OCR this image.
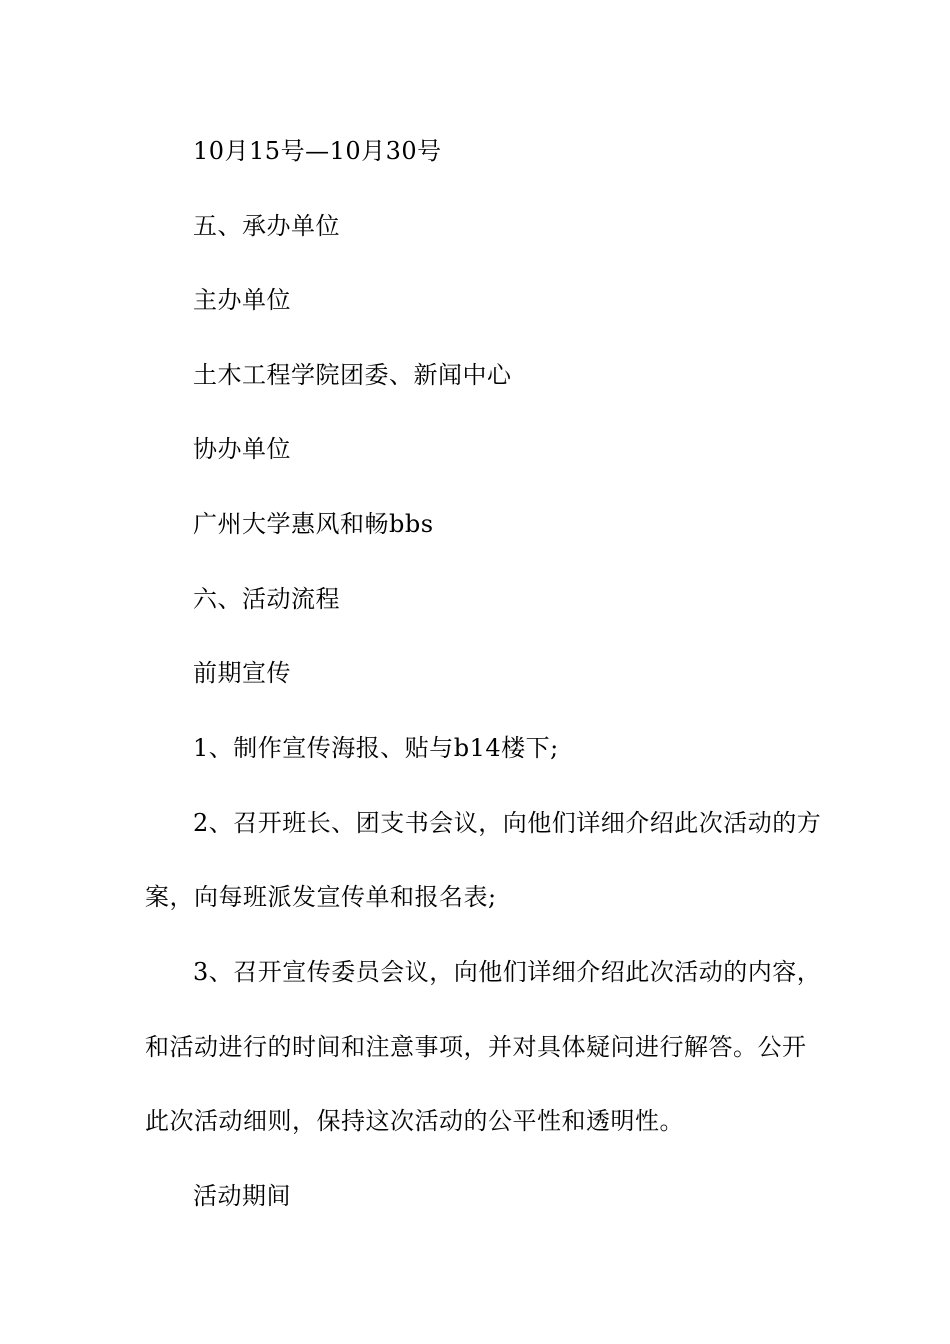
10月15号—10月30号
五、承办单位
主办单位
土木工程学院团委、新闻中心
协办单位
广州大学惠风和畅bbs
六、活动流程
前期宣传
1、制作宣传海报、贴与b14楼下;
2、召开班长、团支书会议，向他们详细介绍此次活动的方
案，向每班派发宣传单和报名表;
3、召开宣传委员会议，向他们详细介绍此次活动的内容，
和活动进行的时间和注意事项，并对具体疑问进行解答。公开
此次活动细则，保持这次活动的公平性和透明性。
活动期间
